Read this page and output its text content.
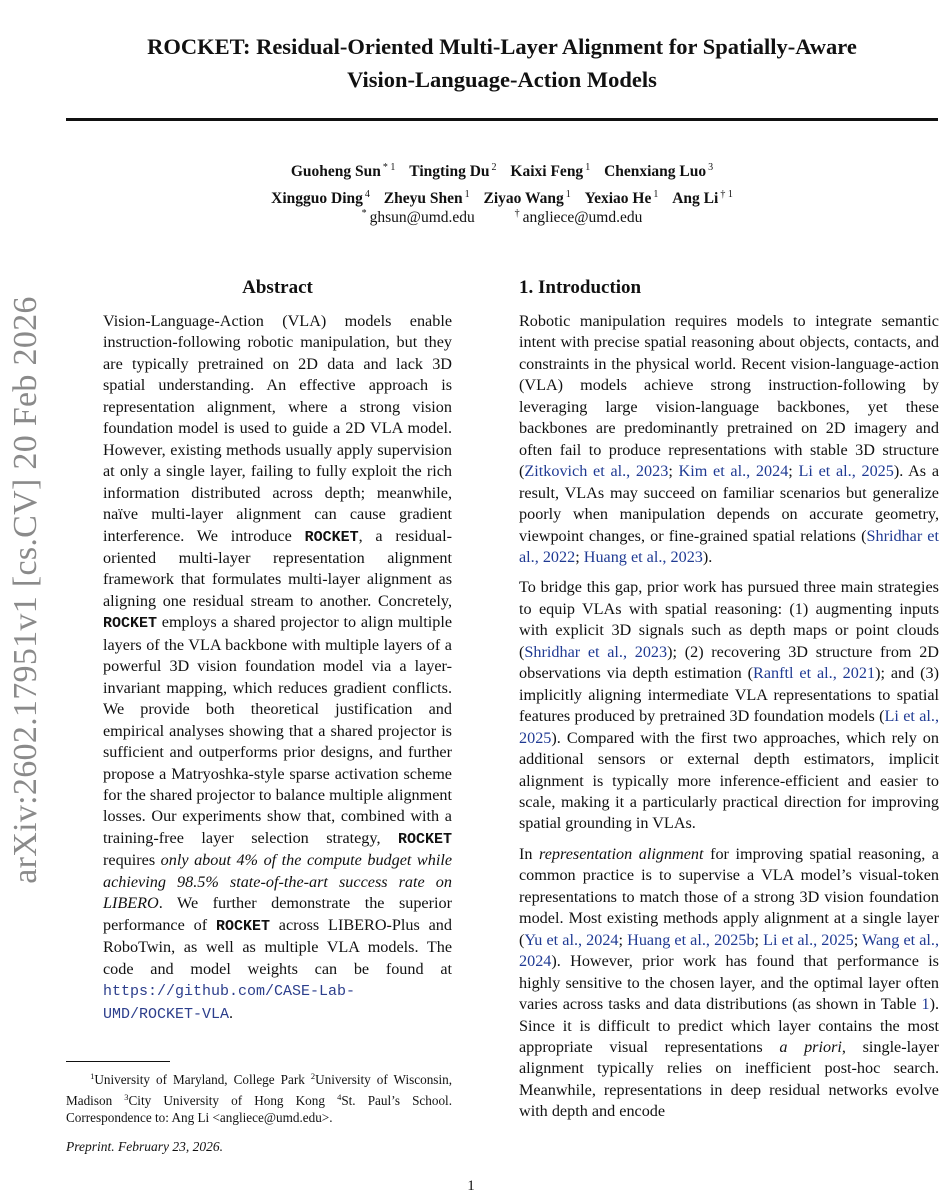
arXiv:2602.17951v1 [cs.CV] 20 Feb 2026
ROCKET: Residual-Oriented Multi-Layer Alignment for Spatially-Aware
Vision-Language-Action Models
Guoheng Sun $^{* 1}$ Tingting Du $^2$ Kaixi Feng $^1$ Chenxiang Luo $^3$
Xingguo Ding $^4$ Zheyu Shen $^1$ Ziyao Wang $^1$ Yexiao He $^1$ Ang Li $^{\dagger 1}$
* ghsun@umd.edu	† angliece@umd.edu
Abstract

Vision-Language-Action (VLA) models enable instruction-following robotic manipulation, but they are typically pretrained on 2D data and lack 3D spatial understanding. An effective approach is representation alignment, where a strong vision foundation model is used to guide a 2D VLA model. However, existing methods usually apply supervision at only a single layer, failing to fully exploit the rich information distributed across depth; meanwhile, naïve multi-layer alignment can cause gradient interference. We introduce ROCKET, a residual-oriented multi-layer representation alignment framework that formulates multi-layer alignment as aligning one residual stream to another. Concretely, ROCKET employs a shared projector to align multiple layers of the VLA backbone with multiple layers of a powerful 3D vision foundation model via a layer-invariant mapping, which reduces gradient conflicts. We provide both theoretical justification and empirical analyses showing that a shared projector is sufficient and outperforms prior designs, and further propose a Matryoshka-style sparse activation scheme for the shared projector to balance multiple alignment losses. Our experiments show that, combined with a training-free layer selection strategy, ROCKET requires only about 4% of the compute budget while achieving 98.5% state-of-the-art success rate on LIBERO. We further demonstrate the superior performance of ROCKET across LIBERO-Plus and RoboTwin, as well as multiple VLA models. The code and model weights can be found at https://github.com/CASE-Lab-UMD/ROCKET-VLA.

$^1$University of Maryland, College Park $^2$University of Wisconsin, Madison $^3$City University of Hong Kong $^4$St. Paul’s School. Correspondence to: Ang Li <angliece@umd.edu>.
Preprint. February 23, 2026.
1. Introduction

Robotic manipulation requires models to integrate semantic intent with precise spatial reasoning about objects, contacts, and constraints in the physical world. Recent vision-language-action (VLA) models achieve strong instruction-following by leveraging large vision-language backbones, yet these backbones are predominantly pretrained on 2D imagery and often fail to produce representations with stable 3D structure (Zitkovich et al., 2023; Kim et al., 2024; Li et al., 2025). As a result, VLAs may succeed on familiar scenarios but generalize poorly when manipulation depends on accurate geometry, viewpoint changes, or fine-grained spatial relations (Shridhar et al., 2022; Huang et al., 2023).

To bridge this gap, prior work has pursued three main strategies to equip VLAs with spatial reasoning: (1) augmenting inputs with explicit 3D signals such as depth maps or point clouds (Shridhar et al., 2023); (2) recovering 3D structure from 2D observations via depth estimation (Ranftl et al., 2021); and (3) implicitly aligning intermediate VLA representations to spatial features produced by pretrained 3D foundation models (Li et al., 2025). Compared with the first two approaches, which rely on additional sensors or external depth estimators, implicit alignment is typically more inference-efficient and easier to scale, making it a particularly practical direction for improving spatial grounding in VLAs.

In representation alignment for improving spatial reasoning, a common practice is to supervise a VLA model’s visual-token representations to match those of a strong 3D vision foundation model. Most existing methods apply alignment at a single layer (Yu et al., 2024; Huang et al., 2025b; Li et al., 2025; Wang et al., 2024). However, prior work has found that performance is highly sensitive to the chosen layer, and the optimal layer often varies across tasks and data distributions (as shown in Table 1). Since it is difficult to predict which layer contains the most appropriate visual representations a priori, single-layer alignment typically relies on inefficient post-hoc search. Meanwhile, representations in deep residual networks evolve with depth and encode

1
